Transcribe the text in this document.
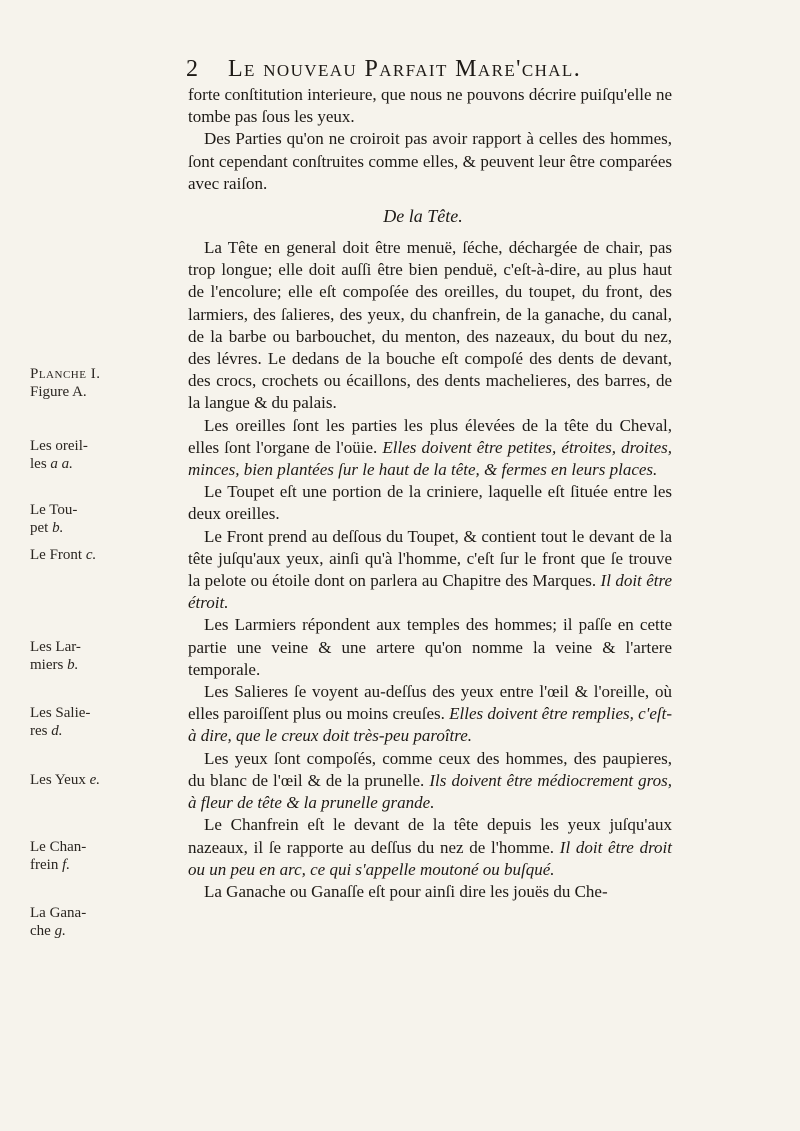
2 Le nouveau Parfait Mare'chal.

forte conſtitution interieure, que nous ne pouvons décrire puiſqu'elle ne tombe pas ſous les yeux.

Des Parties qu'on ne croiroit pas avoir rapport à celles des hommes, ſont cependant conſtruites comme elles, & peuvent leur être comparées avec raiſon.

De la Tête.

La Tête en general doit être menuë, ſéche, déchargée de chair, pas trop longue; elle doit auſſi être bien penduë, c'eſt-à-dire, au plus haut de l'encolure; elle eſt compoſée des oreilles, du toupet, du front, des larmiers, des ſalieres, des yeux, du chanfrein, de la ganache, du canal, de la barbe ou barbouchet, du menton, des nazeaux, du bout du nez, des lévres. Le dedans de la bouche eſt compoſé des dents de devant, des crocs, crochets ou écaillons, des dents machelieres, des barres, de la langue & du palais.

Les oreilles ſont les parties les plus élevées de la tête du Cheval, elles ſont l'organe de l'oüie. Elles doivent être petites, étroites, droites, minces, bien plantées ſur le haut de la tête, & fermes en leurs places.

Le Toupet eſt une portion de la criniere, laquelle eſt ſituée entre les deux oreilles.

Le Front prend au deſſous du Toupet, & contient tout le devant de la tête juſqu'aux yeux, ainſi qu'à l'homme, c'eſt ſur le front que ſe trouve la pelote ou étoile dont on parlera au Chapitre des Marques. Il doit être étroit.

Les Larmiers répondent aux temples des hommes; il paſſe en cette partie une veine & une artere qu'on nomme la veine & l'artere temporale.

Les Salieres ſe voyent au-deſſus des yeux entre l'œil & l'oreille, où elles paroiſſent plus ou moins creuſes. Elles doivent être remplies, c'eſt-à dire, que le creux doit très-peu paroître.

Les yeux ſont compoſés, comme ceux des hommes, des paupieres, du blanc de l'œil & de la prunelle. Ils doivent être médiocrement gros, à fleur de tête & la prunelle grande.

Le Chanfrein eſt le devant de la tête depuis les yeux juſqu'aux nazeaux, il ſe rapporte au deſſus du nez de l'homme. Il doit être droit ou un peu en arc, ce qui s'appelle moutoné ou buſqué.

La Ganache ou Ganaſſe eſt pour ainſi dire les jouës du Che-

Planche I.
Figure A.
Les oreil-
les a a.
Le Tou-
pet b.
Le Front c.
Les Lar-
miers b.
Les Salie-
res d.
Les Yeux e.
Le Chan-
frein f.
La Gana-
che g.
